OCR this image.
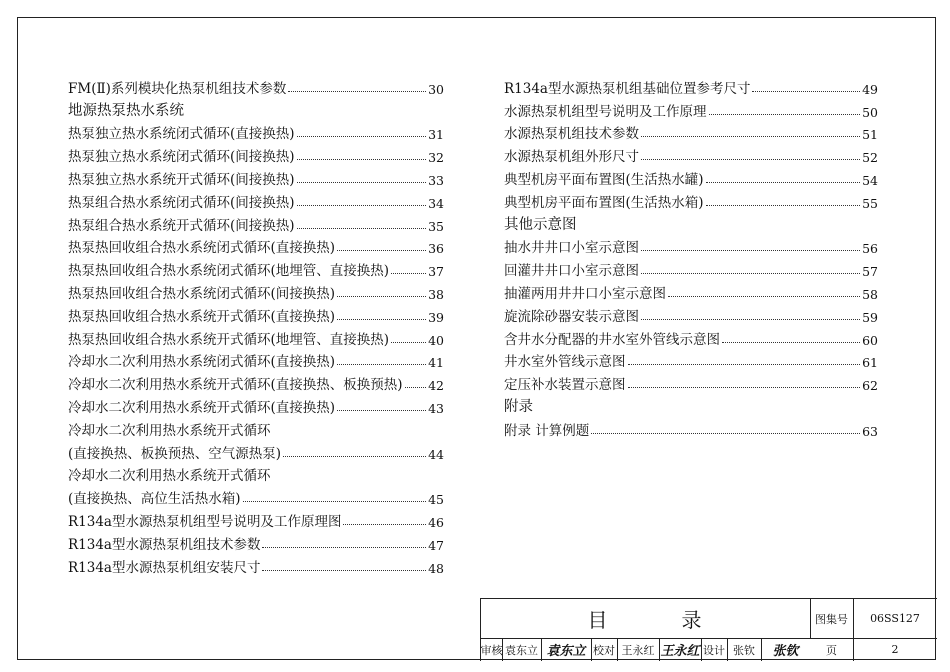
FM(Ⅱ)系列模块化热泵机组技术参数	30
地源热泵热水系统
热泵独立热水系统闭式循环(直接换热)	31
热泵独立热水系统闭式循环(间接换热)	32
热泵独立热水系统开式循环(间接换热)	33
热泵组合热水系统闭式循环(间接换热)	34
热泵组合热水系统开式循环(间接换热)	35
热泵热回收组合热水系统闭式循环(直接换热)	36
热泵热回收组合热水系统闭式循环(地埋管、直接换热)	37
热泵热回收组合热水系统闭式循环(间接换热)	38
热泵热回收组合热水系统开式循环(直接换热)	39
热泵热回收组合热水系统开式循环(地埋管、直接换热)	40
冷却水二次利用热水系统闭式循环(直接换热)	41
冷却水二次利用热水系统开式循环(直接换热、板换预热) 42
冷却水二次利用热水系统开式循环(直接换热)	43
冷却水二次利用热水系统开式循环
(直接换热、板换预热、空气源热泵)	44
冷却水二次利用热水系统开式循环
(直接换热、高位生活热水箱)	45
R134a型水源热泵机组型号说明及工作原理图	46
R134a型水源热泵机组技术参数	47
R134a型水源热泵机组安装尺寸	48
R134a型水源热泵机组基础位置参考尺寸	49
水源热泵机组型号说明及工作原理	50
水源热泵机组技术参数	51
水源热泵机组外形尺寸	52
典型机房平面布置图(生活热水罐)	54
典型机房平面布置图(生活热水箱)	55
其他示意图
抽水井井口小室示意图	56
回灌井井口小室示意图	57
抽灌两用井井口小室示意图	58
旋流除砂器安装示意图	59
含井水分配器的井水室外管线示意图	60
井水室外管线示意图	61
定压补水装置示意图	62
附录
附录 计算例题	63
目	录	图集号	06SS127
审核 袁东立 袁东立 校对 王永红 王永红 设计 张钦	张钦	页	2
